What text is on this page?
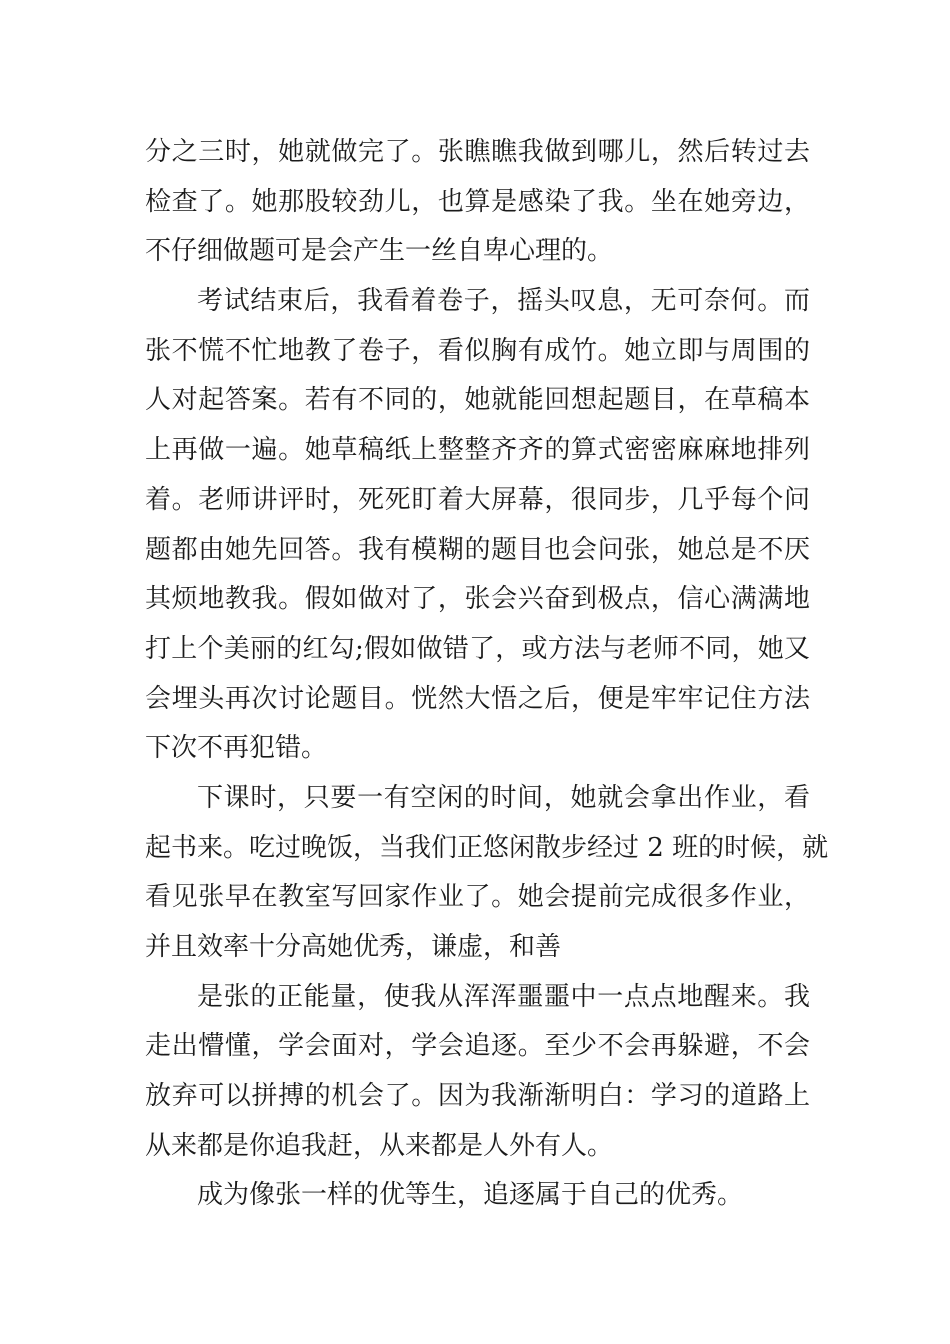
分之三时，她就做完了。张瞧瞧我做到哪儿，然后转过去
检查了。她那股较劲儿，也算是感染了我。坐在她旁边，
不仔细做题可是会产生一丝自卑心理的。
考试结束后，我看着卷子，摇头叹息，无可奈何。而
张不慌不忙地教了卷子，看似胸有成竹。她立即与周围的
人对起答案。若有不同的，她就能回想起题目，在草稿本
上再做一遍。她草稿纸上整整齐齐的算式密密麻麻地排列
着。老师讲评时，死死盯着大屏幕，很同步，几乎每个问
题都由她先回答。我有模糊的题目也会问张，她总是不厌
其烦地教我。假如做对了，张会兴奋到极点，信心满满地
打上个美丽的红勾;假如做错了，或方法与老师不同，她又
会埋头再次讨论题目。恍然大悟之后，便是牢牢记住方法
下次不再犯错。
下课时，只要一有空闲的时间，她就会拿出作业，看
起书来。吃过晚饭，当我们正悠闲散步经过 2 班的时候，就
看见张早在教室写回家作业了。她会提前完成很多作业，
并且效率十分高她优秀，谦虚，和善
是张的正能量，使我从浑浑噩噩中一点点地醒来。我
走出懵懂，学会面对，学会追逐。至少不会再躲避，不会
放弃可以拼搏的机会了。因为我渐渐明白：学习的道路上
从来都是你追我赶，从来都是人外有人。
成为像张一样的优等生，追逐属于自己的优秀。
